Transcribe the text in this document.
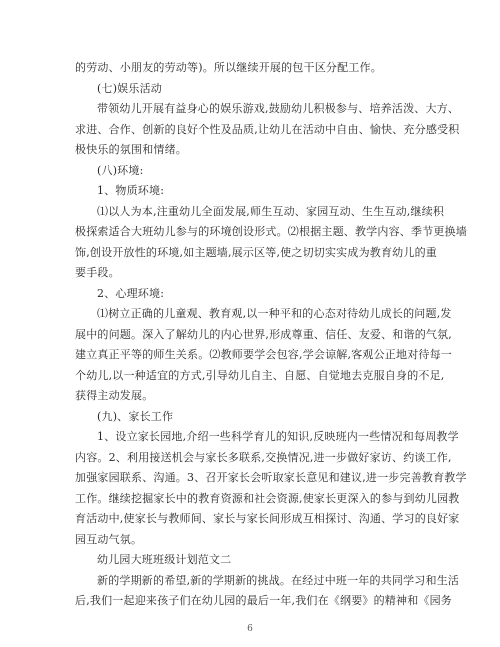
的劳动、小朋友的劳动等)。所以继续开展的包干区分配工作。
(七)娱乐活动
带领幼儿开展有益身心的娱乐游戏,鼓励幼儿积极参与、培养活泼、大方、
求进、合作、创新的良好个性及品质,让幼儿在活动中自由、愉快、充分感受积
极快乐的氛围和情绪。
(八)环境:
1、物质环境:
⑴以人为本,注重幼儿全面发展,师生互动、家园互动、生生互动,继续积
极探索适合大班幼儿参与的环境创设形式。⑵根据主题、教学内容、季节更换墙
饰,创设开放性的环境,如主题墙,展示区等,使之切切实实成为教育幼儿的重
要手段。
2、心理环境:
⑴树立正确的儿童观、教育观,以一种平和的心态对待幼儿成长的问题,发
展中的问题。深入了解幼儿的内心世界,形成尊重、信任、友爱、和谐的气氛,
建立真正平等的师生关系。⑵教师要学会包容,学会谅解,客观公正地对待每一
个幼儿,以一种适宜的方式,引导幼儿自主、自愿、自觉地去克服自身的不足,
获得主动发展。
(九)、家长工作
1、设立家长园地,介绍一些科学育儿的知识,反映班内一些情况和每周教学
内容。2、利用接送机会与家长多联系,交换情况,进一步做好家访、约谈工作,
加强家园联系、沟通。3、召开家长会听取家长意见和建议,进一步完善教育教学
工作。继续挖掘家长中的教育资源和社会资源,使家长更深入的参与到幼儿园教
育活动中,使家长与教师间、家长与家长间形成互相探讨、沟通、学习的良好家
园互动气氛。
幼儿园大班班级计划范文二
新的学期新的希望,新的学期新的挑战。在经过中班一年的共同学习和生活
后,我们一起迎来孩子们在幼儿园的最后一年,我们在《纲要》的精神和《园务
6
